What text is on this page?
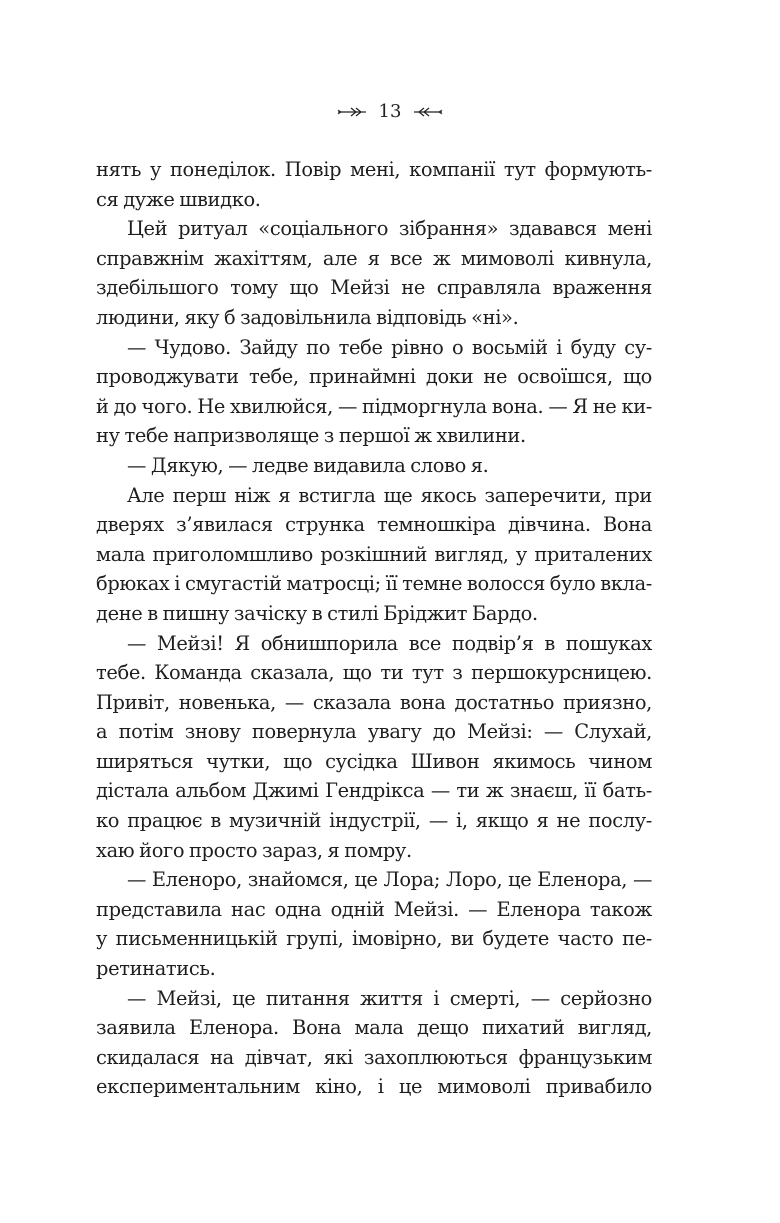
13
нять у понеділок. Повір мені, компанії тут формують-
ся дуже швидко.
Цей ритуал «соціального зібрання» здавався мені
справжнім жахіттям, але я все ж мимоволі кивнула,
здебільшого тому що Мейзі не справляла враження
людини, яку б задовільнила відповідь «ні».
— Чудово. Зайду по тебе рівно о восьмій і буду су-
проводжувати тебе, принаймні доки не освоїшся, що
й до чого. Не хвилюйся, — підморгнула вона. — Я не ки-
ну тебе напризволяще з першої ж хвилини.
— Дякую, — ледве видавила слово я.
Але перш ніж я встигла ще якось заперечити, при
дверях з’явилася струнка темношкіра дівчина. Вона
мала приголомшливо розкішний вигляд, у приталених
брюках і смугастій матросці; її темне волосся було вкла-
дене в пишну зачіску в стилі Бріджит Бардо.
— Мейзі! Я обнишпорила все подвір’я в пошуках
тебе. Команда сказала, що ти тут з першокурсницею.
Привіт, новенька, — сказала вона достатньо приязно,
а потім знову повернула увагу до Мейзі: — Слухай,
ширяться чутки, що сусідка Шивон якимось чином
дістала альбом Джимі Гендрікса — ти ж знаєш, її бать-
ко працює в музичній індустрії, — і, якщо я не послу-
хаю його просто зараз, я помру.
— Еленоро, знайомся, це Лора; Лоро, це Еленора, —
представила нас одна одній Мейзі. — Еленора також
у письменницькій групі, імовірно, ви будете часто пе-
ретинатись.
— Мейзі, це питання життя і смерті, — серйозно
заявила Еленора. Вона мала дещо пихатий вигляд,
скидалася на дівчат, які захоплюються французьким
експериментальним кіно, і це мимоволі привабило
